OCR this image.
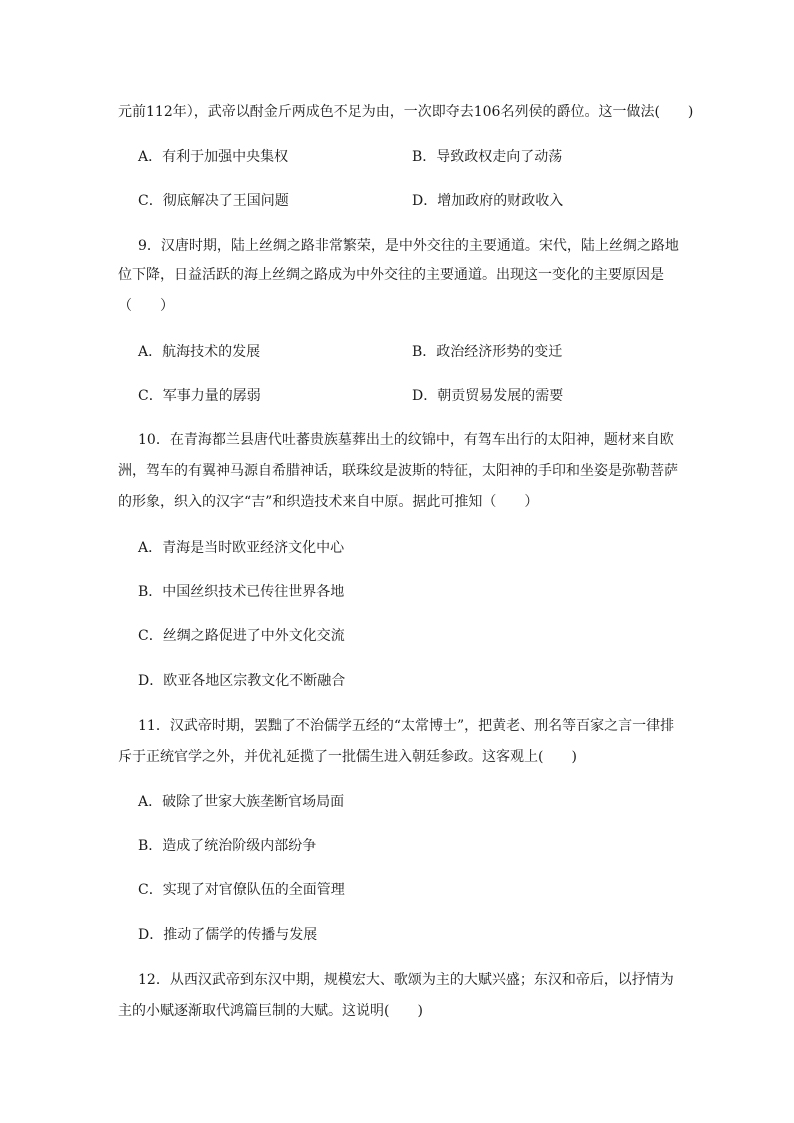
元前112年），武帝以酎金斤两成色不足为由，一次即夺去106名列侯的爵位。这一做法(　　)
A．有利于加强中央集权	B．导致政权走向了动荡
C．彻底解决了王国问题	D．增加政府的财政收入
9．汉唐时期，陆上丝绸之路非常繁荣，是中外交往的主要通道。宋代，陆上丝绸之路地
位下降，日益活跃的海上丝绸之路成为中外交往的主要通道。出现这一变化的主要原因是
（　　）
A．航海技术的发展	B．政治经济形势的变迁
C．军事力量的孱弱	D．朝贡贸易发展的需要
10．在青海都兰县唐代吐蕃贵族墓葬出土的纹锦中，有驾车出行的太阳神，题材来自欧
洲，驾车的有翼神马源自希腊神话，联珠纹是波斯的特征，太阳神的手印和坐姿是弥勒菩萨
的形象，织入的汉字“吉”和织造技术来自中原。据此可推知（　　）
A．青海是当时欧亚经济文化中心
B．中国丝织技术已传往世界各地
C．丝绸之路促进了中外文化交流
D．欧亚各地区宗教文化不断融合
11．汉武帝时期，罢黜了不治儒学五经的“太常博士”，把黄老、刑名等百家之言一律排
斥于正统官学之外，并优礼延揽了一批儒生进入朝廷参政。这客观上(　　)
A．破除了世家大族垄断官场局面
B．造成了统治阶级内部纷争
C．实现了对官僚队伍的全面管理
D．推动了儒学的传播与发展
12．从西汉武帝到东汉中期，规模宏大、歌颂为主的大赋兴盛；东汉和帝后，以抒情为
主的小赋逐渐取代鸿篇巨制的大赋。这说明(　　)
